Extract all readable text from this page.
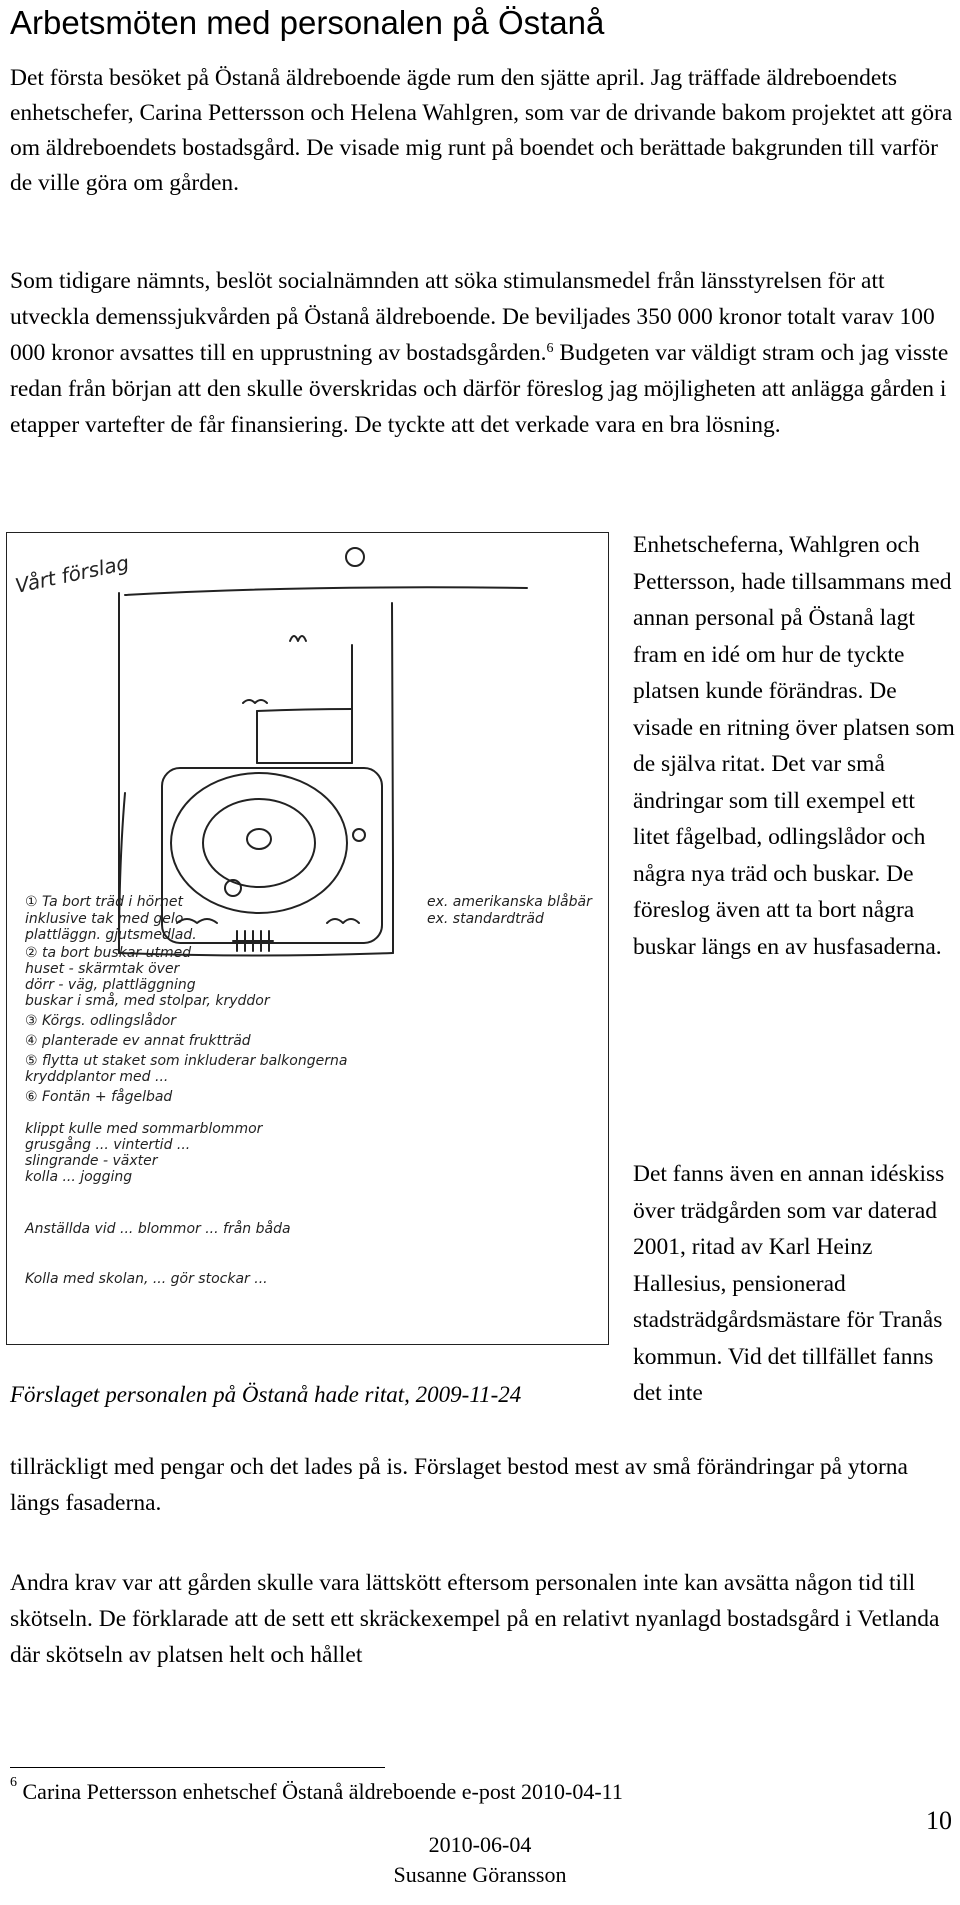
Arbetsmöten med personalen på Östanå

Det första besöket på Östanå äldreboende ägde rum den sjätte april. Jag träffade äldreboendets enhetschefer, Carina Pettersson och Helena Wahlgren, som var de drivande bakom projektet att göra om äldreboendets bostadsgård. De visade mig runt på boendet och berättade bakgrunden till varför de ville göra om gården.

Som tidigare nämnts, beslöt socialnämnden att söka stimulansmedel från länsstyrelsen för att utveckla demenssjukvården på Östanå äldreboende. De beviljades 350 000 kronor totalt varav 100 000 kronor avsattes till en upprustning av bostadsgården.$^6$ Budgeten var väldigt stram och jag visste redan från början att den skulle överskridas och därför föreslog jag möjligheten att anlägga gården i etapper vartefter de får finansiering. De tyckte att det verkade vara en bra lösning.

Vårt förslag
① Ta bort träd i hörnet
inklusive tak med gelo
plattläggn. gjutsmedlad.
② ta bort buskar utmed
huset - skärmtak över
dörr - väg, plattläggning
buskar i små, med stolpar, kryddor
③ Körgs. odlingslådor
④ planterade ev annat fruktträd
⑤ flytta ut staket som inkluderar balkongerna
kryddplantor med ...
⑥ Fontän + fågelbad
ex. amerikanska blåbär
ex. standardträd
klippt kulle med sommarblommor
grusgång ... vintertid ...
slingrande - växter
kolla ... jogging
Anställda vid ... blommor ... från båda
Kolla med skolan, ... gör stockar ...

Förslaget personalen på Östanå hade ritat, 2009-11-24

Enhetscheferna, Wahlgren och Pettersson, hade tillsammans med annan personal på Östanå lagt fram en idé om hur de tyckte platsen kunde förändras. De visade en ritning över platsen som de själva ritat. Det var små ändringar som till exempel ett litet fågelbad, odlingslådor och några nya träd och buskar. De föreslog även att ta bort några buskar längs en av husfasaderna.

Det fanns även en annan idéskiss över trädgården som var daterad 2001, ritad av Karl Heinz Hallesius, pensionerad stadsträdgårdsmästare för Tranås kommun. Vid det tillfället fanns det inte

tillräckligt med pengar och det lades på is. Förslaget bestod mest av små förändringar på ytorna längs fasaderna.

Andra krav var att gården skulle vara lättskött eftersom personalen inte kan avsätta någon tid till skötseln. De förklarade att de sett ett skräckexempel på en relativt nyanlagd bostadsgård i Vetlanda där skötseln av platsen helt och hållet

$^6$ Carina Pettersson enhetschef Östanå äldreboende e-post 2010-04-11

10

2010-06-04

Susanne Göransson
